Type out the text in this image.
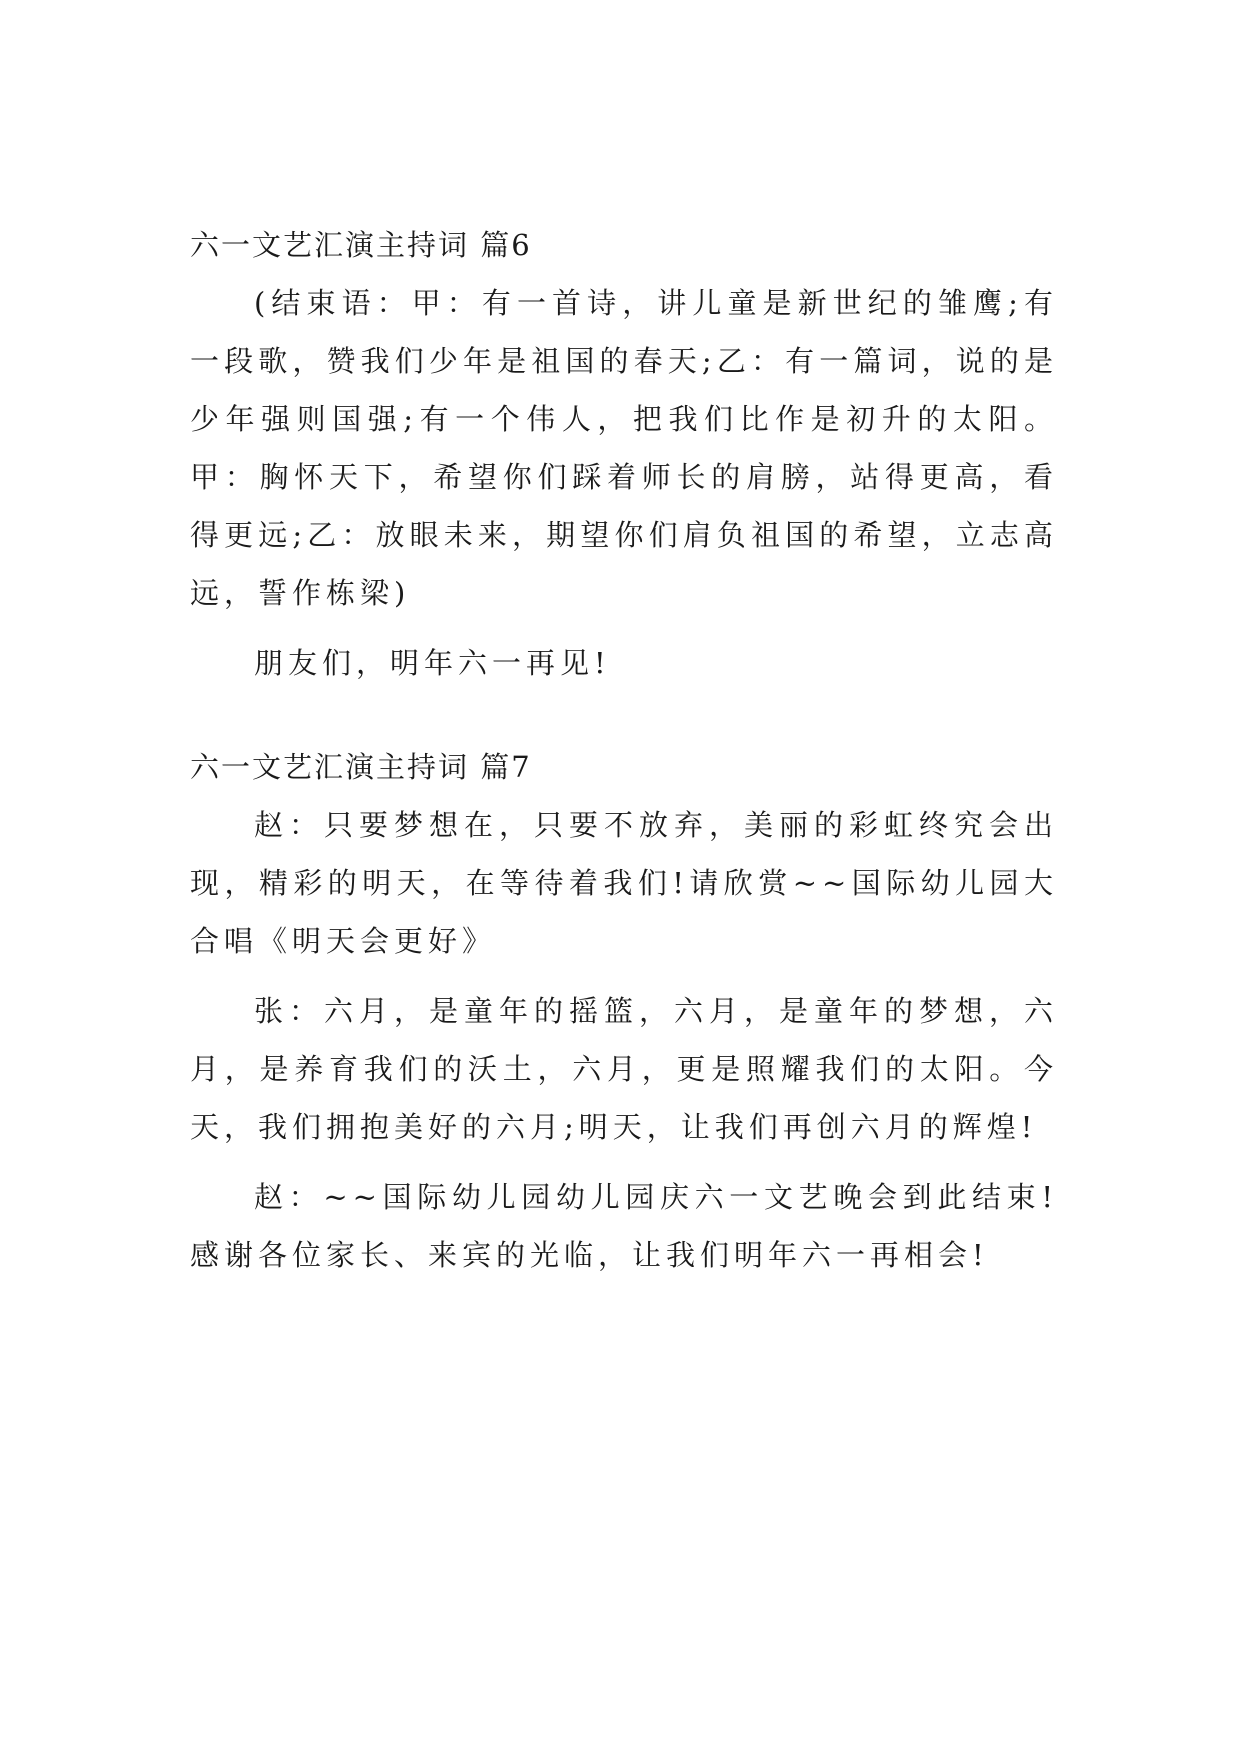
六一文艺汇演主持词 篇6

(结束语：甲：有一首诗，讲儿童是新世纪的雏鹰;有一段歌，赞我们少年是祖国的春天;乙：有一篇词，说的是少年强则国强;有一个伟人，把我们比作是初升的太阳。甲：胸怀天下，希望你们踩着师长的肩膀，站得更高，看得更远;乙：放眼未来，期望你们肩负祖国的希望，立志高远，誓作栋梁)

朋友们，明年六一再见!

六一文艺汇演主持词 篇7

赵：只要梦想在，只要不放弃，美丽的彩虹终究会出现，精彩的明天，在等待着我们!请欣赏~~国际幼儿园大合唱《明天会更好》

张：六月，是童年的摇篮，六月，是童年的梦想，六月，是养育我们的沃土，六月，更是照耀我们的太阳。今天，我们拥抱美好的六月;明天，让我们再创六月的辉煌!

赵：~~国际幼儿园幼儿园庆六一文艺晚会到此结束!感谢各位家长、来宾的光临，让我们明年六一再相会!
